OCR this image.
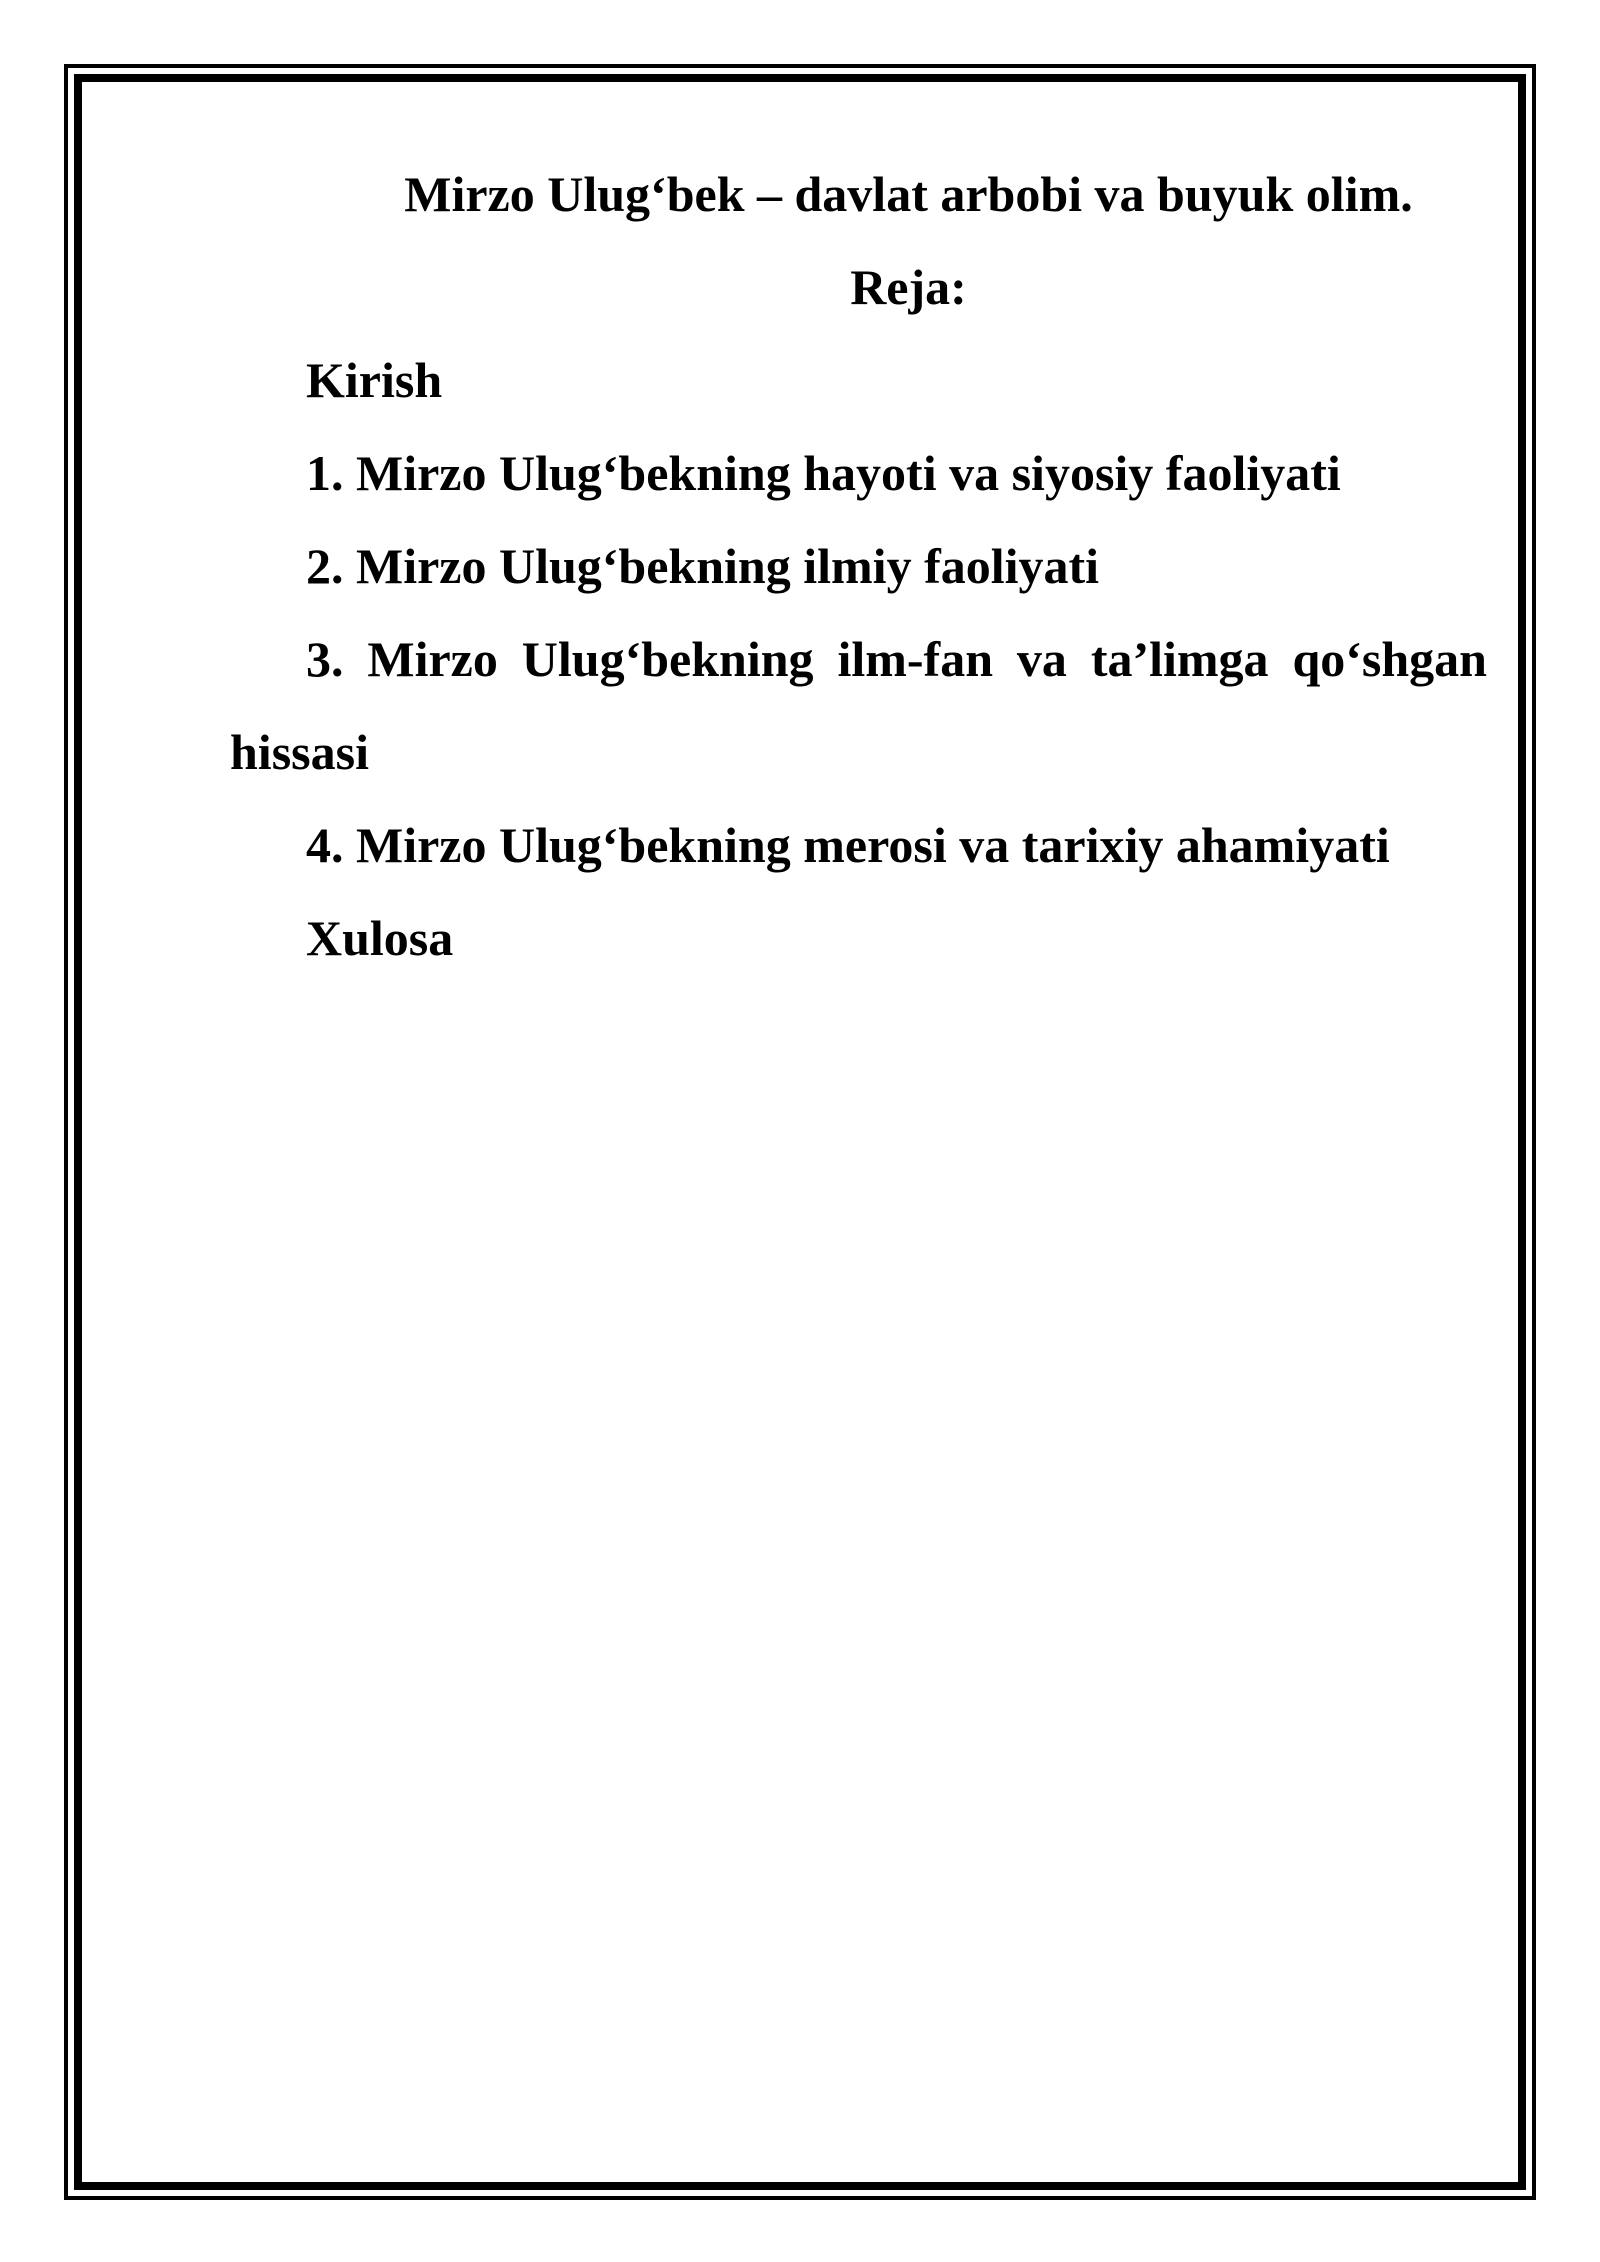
Mirzo Ulug‘bek – davlat arbobi va buyuk olim.

Reja:

Kirish

1. Mirzo Ulug‘bekning hayoti va siyosiy faoliyati

2. Mirzo Ulug‘bekning ilmiy faoliyati

3. Mirzo Ulug‘bekning ilm-fan va ta’limga qo‘shgan hissasi

4. Mirzo Ulug‘bekning merosi va tarixiy ahamiyati

Xulosa
